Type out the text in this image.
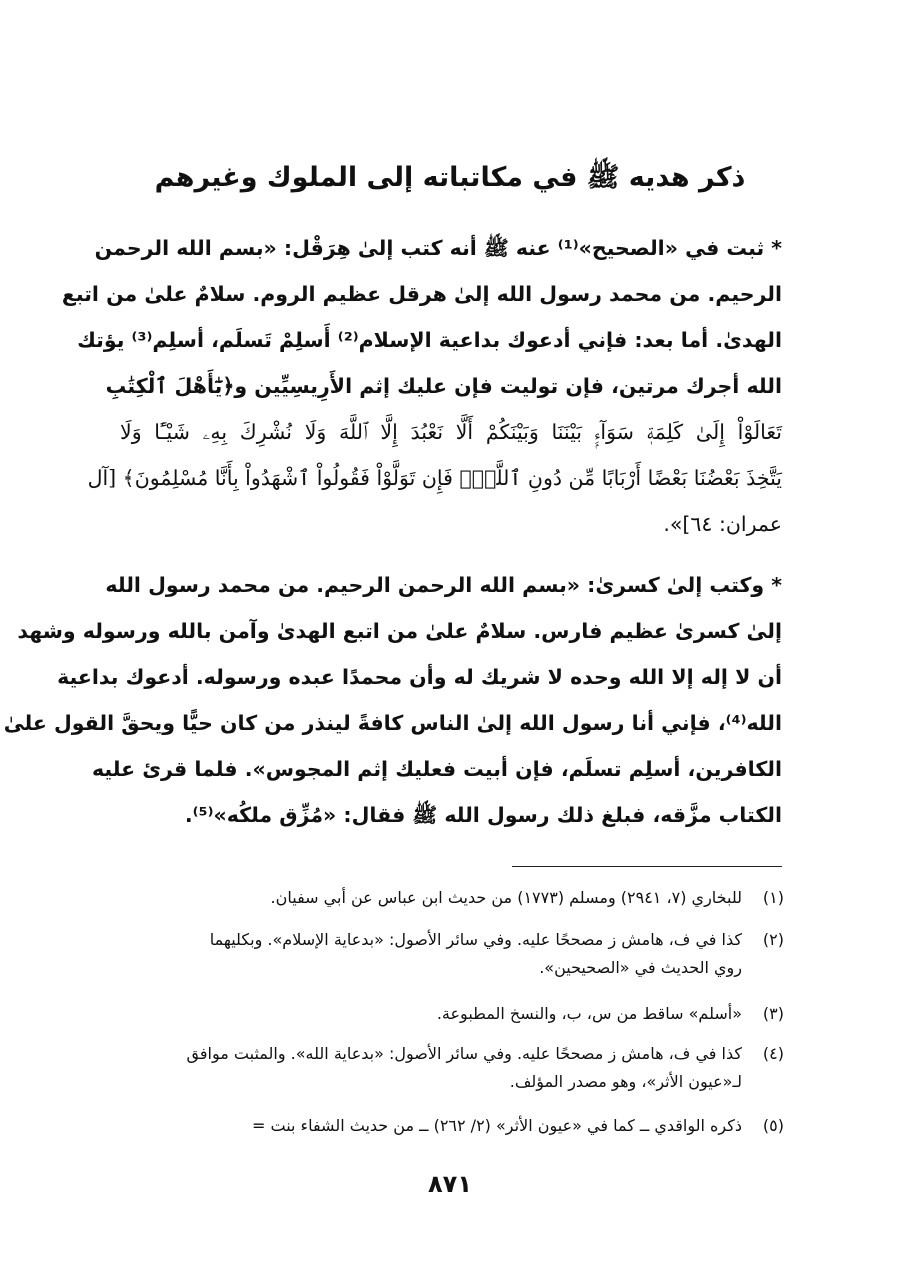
ذكر هديه ﷺ في مكاتباته إلى الملوك وغيرهم
* ثبت في «الصحيح»⁽¹⁾ عنه ﷺ أنه كتب إلىٰ هِرَقْل: «بسم الله الرحمن
الرحيم. من محمد رسول الله إلىٰ هرقل عظيم الروم. سلامٌ علىٰ من اتبع
الهدىٰ. أما بعد: فإني أدعوك بداعية الإسلام⁽²⁾ أَسلِمْ تَسلَم، أسلِم⁽³⁾ يؤتك
الله أجرك مرتين، فإن توليت فإن عليك إثم الأَرِيسِيِّين و﴿يَٰٓأَهْلَ ٱلْكِتَٰبِ
تَعَالَوْاْ إِلَىٰ كَلِمَةٖ سَوَآءِۭ بَيْنَنَا وَبَيْنَكُمْ أَلَّا نَعْبُدَ إِلَّا ٱللَّهَ وَلَا نُشْرِكَ بِهِۦ شَيْـًٔا وَلَا
يَتَّخِذَ بَعْضُنَا بَعْضًا أَرْبَابًا مِّن دُونِ ٱللَّهِۚ فَإِن تَوَلَّوْاْ فَقُولُواْ ٱشْهَدُواْ بِأَنَّا مُسْلِمُونَ﴾ [آل
عمران: ٦٤]».
* وكتب إلىٰ كسرىٰ: «بسم الله الرحمن الرحيم. من محمد رسول الله
إلىٰ كسرىٰ عظيم فارس. سلامٌ علىٰ من اتبع الهدىٰ وآمن بالله ورسوله وشهد
أن لا إله إلا الله وحده لا شريك له وأن محمدًا عبده ورسوله. أدعوك بداعية
الله⁽⁴⁾، فإني أنا رسول الله إلىٰ الناس كافةً لينذر من كان حيًّا ويحقَّ القول علىٰ
الكافرين، أسلِم تسلَم، فإن أبيت فعليك إثم المجوس». فلما قرئ عليه
الكتاب مزَّقه، فبلغ ذلك رسول الله ﷺ فقال: «مُزِّق ملكُه»⁽⁵⁾.
(١)للبخاري (٧، ٢٩٤١) ومسلم (١٧٧٣) من حديث ابن عباس عن أبي سفيان.
(٢)كذا في ف، هامش ز مصححًا عليه. وفي سائر الأصول: «بدعاية الإسلام». وبكليهما
روي الحديث في «الصحيحين».
(٣)«أسلم» ساقط من س، ب، والنسخ المطبوعة.
(٤)كذا في ف، هامش ز مصححًا عليه. وفي سائر الأصول: «بدعاية الله». والمثبت موافق
لـ«عيون الأثر»، وهو مصدر المؤلف.
(٥)ذكره الواقدي ــ كما في «عيون الأثر» (٢/ ٢٦٢) ــ من حديث الشفاء بنت =
٨٧١
